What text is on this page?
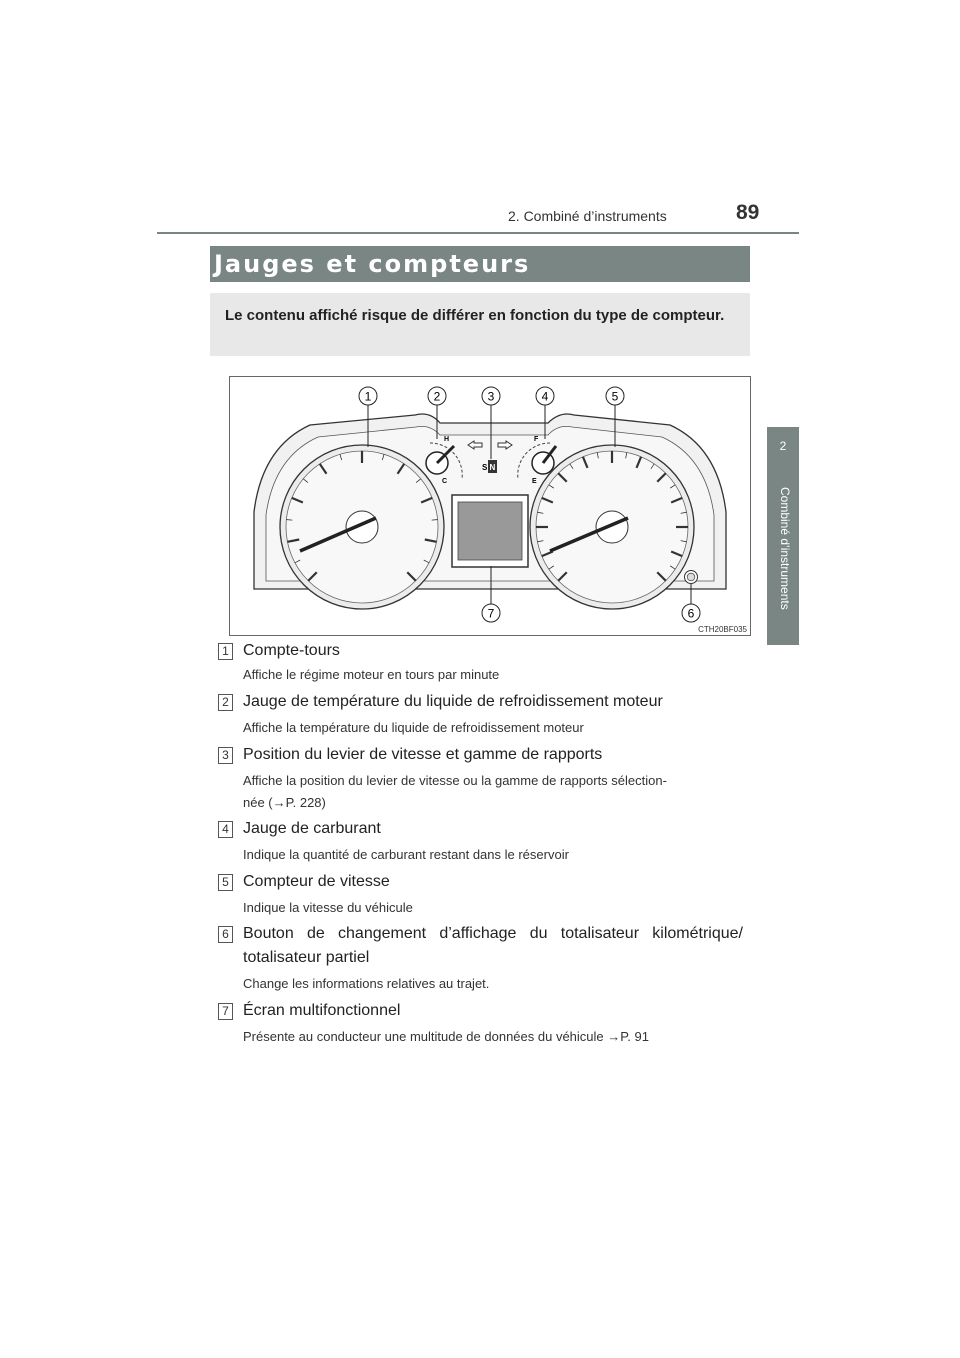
2. Combiné d’instruments	89
2
Combiné d’instruments
Jauges et compteurs
Le contenu affiché risque de différer en fonction du type de compteur.
H
C
F
E
S N
1	2	3	4	5
6
7
CTH20BF035
1 Compte-tours
Affiche le régime moteur en tours par minute
2 Jauge de température du liquide de refroidissement moteur
Affiche la température du liquide de refroidissement moteur
3 Position du levier de vitesse et gamme de rapports
Affiche la position du levier de vitesse ou la gamme de rapports sélection-
née (→P. 228)
4 Jauge de carburant
Indique la quantité de carburant restant dans le réservoir
5 Compteur de vitesse
Indique la vitesse du véhicule
6 Bouton de changement d’affichage du totalisateur kilométrique/
totalisateur partiel
Change les informations relatives au trajet.
7 Écran multifonctionnel
Présente au conducteur une multitude de données du véhicule →P. 91
